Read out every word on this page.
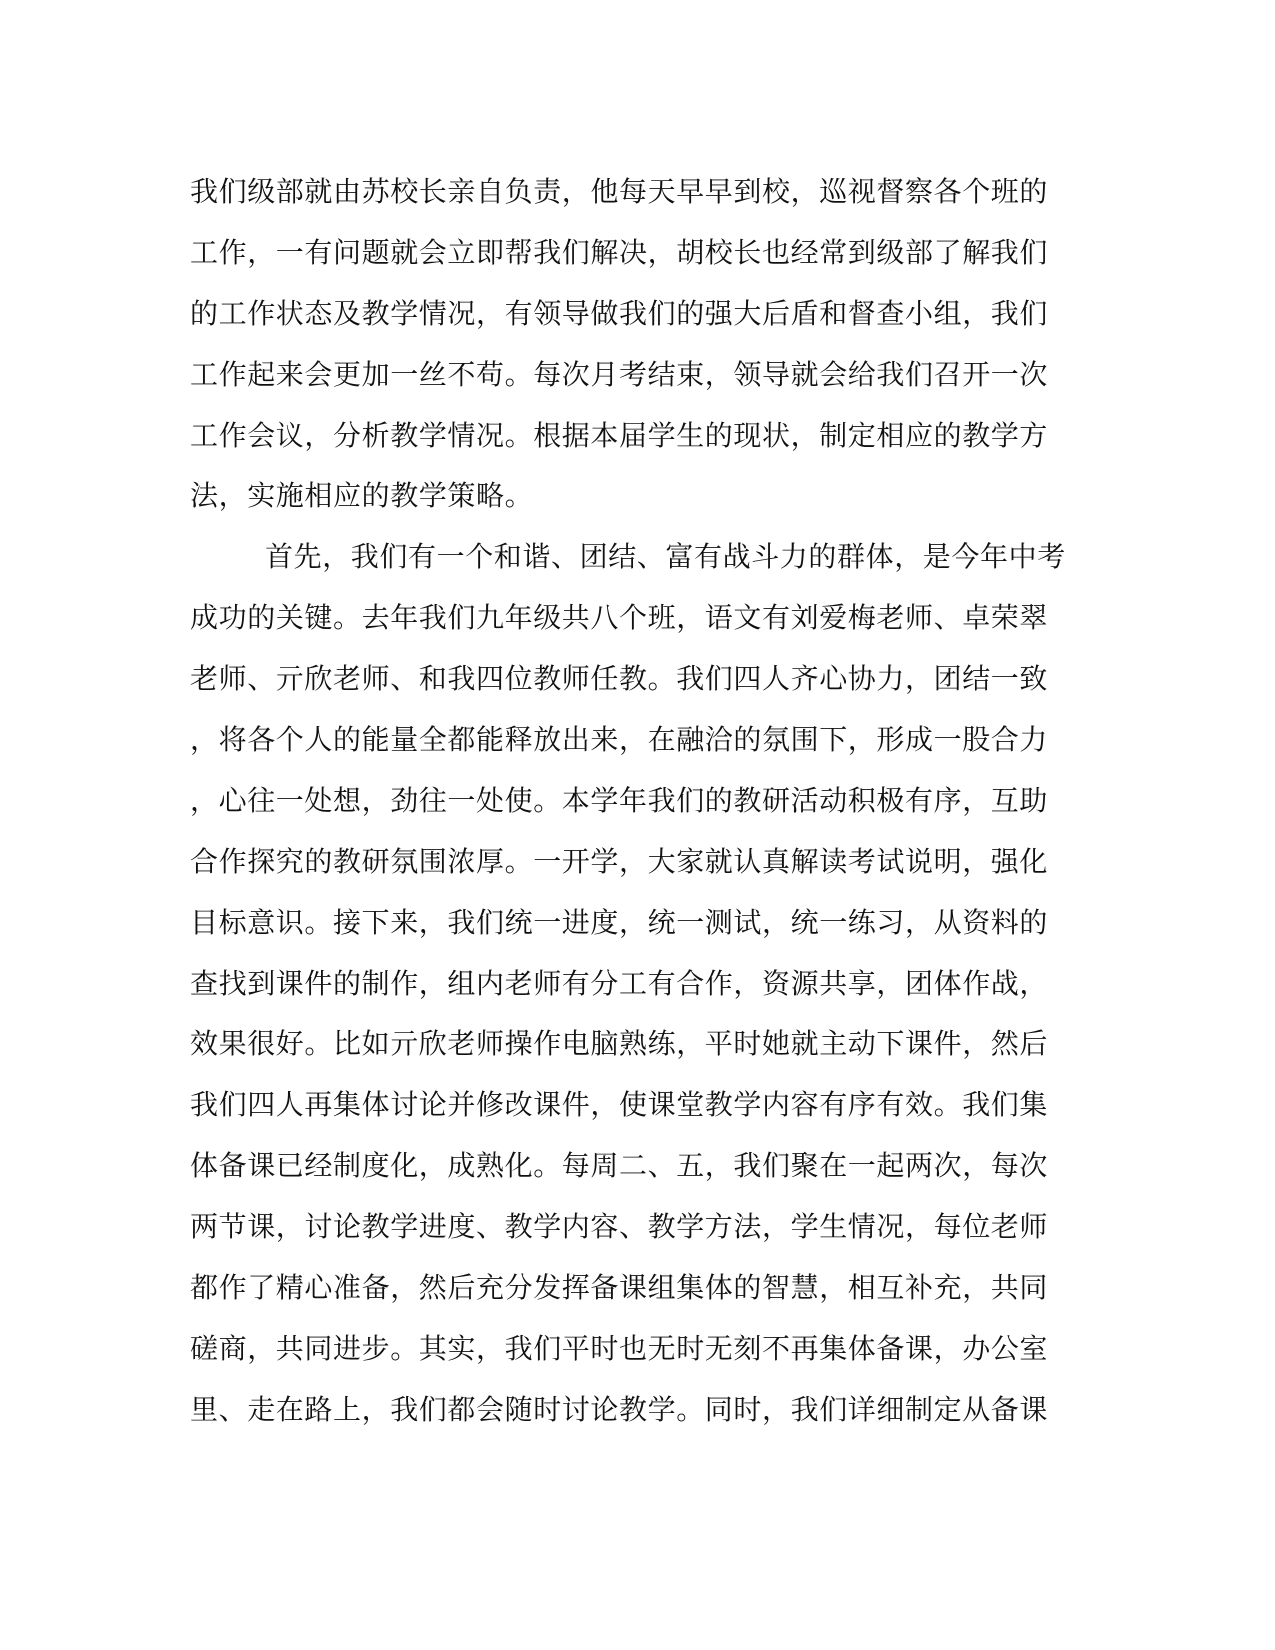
我们级部就由苏校长亲自负责，他每天早早到校，巡视督察各个班的
工作，一有问题就会立即帮我们解决，胡校长也经常到级部了解我们
的工作状态及教学情况，有领导做我们的强大后盾和督查小组，我们
工作起来会更加一丝不苟。每次月考结束，领导就会给我们召开一次
工作会议，分析教学情况。根据本届学生的现状，制定相应的教学方
法，实施相应的教学策略。
首先，我们有一个和谐、团结、富有战斗力的群体，是今年中考
成功的关键。去年我们九年级共八个班，语文有刘爱梅老师、卓荣翠
老师、亓欣老师、和我四位教师任教。我们四人齐心协力，团结一致
，将各个人的能量全都能释放出来，在融洽的氛围下，形成一股合力
，心往一处想，劲往一处使。本学年我们的教研活动积极有序，互助
合作探究的教研氛围浓厚。一开学，大家就认真解读考试说明，强化
目标意识。接下来，我们统一进度，统一测试，统一练习，从资料的
查找到课件的制作，组内老师有分工有合作，资源共享，团体作战，
效果很好。比如亓欣老师操作电脑熟练，平时她就主动下课件，然后
我们四人再集体讨论并修改课件，使课堂教学内容有序有效。我们集
体备课已经制度化，成熟化。每周二、五，我们聚在一起两次，每次
两节课，讨论教学进度、教学内容、教学方法，学生情况，每位老师
都作了精心准备，然后充分发挥备课组集体的智慧，相互补充，共同
磋商，共同进步。其实，我们平时也无时无刻不再集体备课，办公室
里、走在路上，我们都会随时讨论教学。同时，我们详细制定从备课
